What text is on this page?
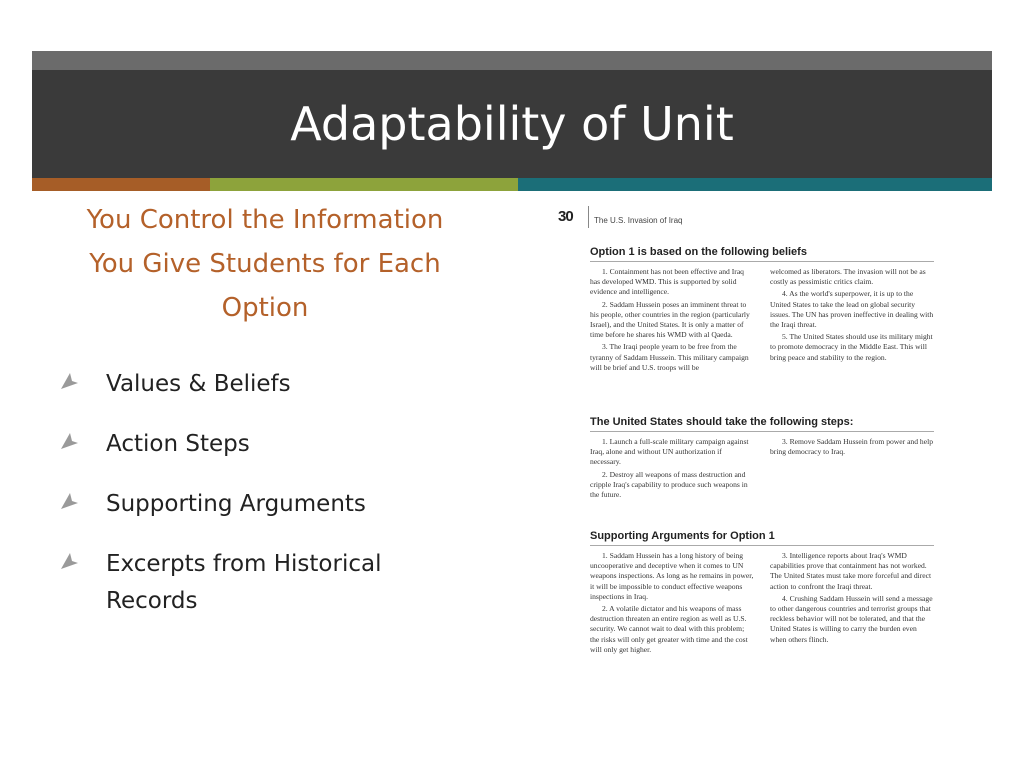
Adaptability of Unit
You Control the Information
You Give Students for Each
Option
Values & Beliefs
Action Steps
Supporting Arguments
Excerpts from Historical
Records
30	The U.S. Invasion of Iraq
Option 1 is based on the following beliefs

1. Containment has not been effective and Iraq has developed WMD. This is supported by solid evidence and intelligence.

2. Saddam Hussein poses an imminent threat to his people, other countries in the region (particularly Israel), and the United States. It is only a matter of time before he shares his WMD with al Qaeda.

3. The Iraqi people yearn to be free from the tyranny of Saddam Hussein. This military campaign will be brief and U.S. troops will be

welcomed as liberators. The invasion will not be as costly as pessimistic critics claim.

4. As the world's superpower, it is up to the United States to take the lead on global security issues. The UN has proven ineffective in dealing with the Iraqi threat.

5. The United States should use its military might to promote democracy in the Middle East. This will bring peace and stability to the region.

The United States should take the following steps:

1. Launch a full-scale military campaign against Iraq, alone and without UN authorization if necessary.

2. Destroy all weapons of mass destruction and cripple Iraq's capability to produce such weapons in the future.

3. Remove Saddam Hussein from power and help bring democracy to Iraq.

Supporting Arguments for Option 1

1. Saddam Hussein has a long history of being uncooperative and deceptive when it comes to UN weapons inspections. As long as he remains in power, it will be impossible to conduct effective weapons inspections in Iraq.

2. A volatile dictator and his weapons of mass destruction threaten an entire region as well as U.S. security. We cannot wait to deal with this problem; the risks will only get greater with time and the cost will only get higher.

3. Intelligence reports about Iraq's WMD capabilities prove that containment has not worked. The United States must take more forceful and direct action to confront the Iraqi threat.

4. Crushing Saddam Hussein will send a message to other dangerous countries and terrorist groups that reckless behavior will not be tolerated, and that the United States is willing to carry the burden even when others flinch.
